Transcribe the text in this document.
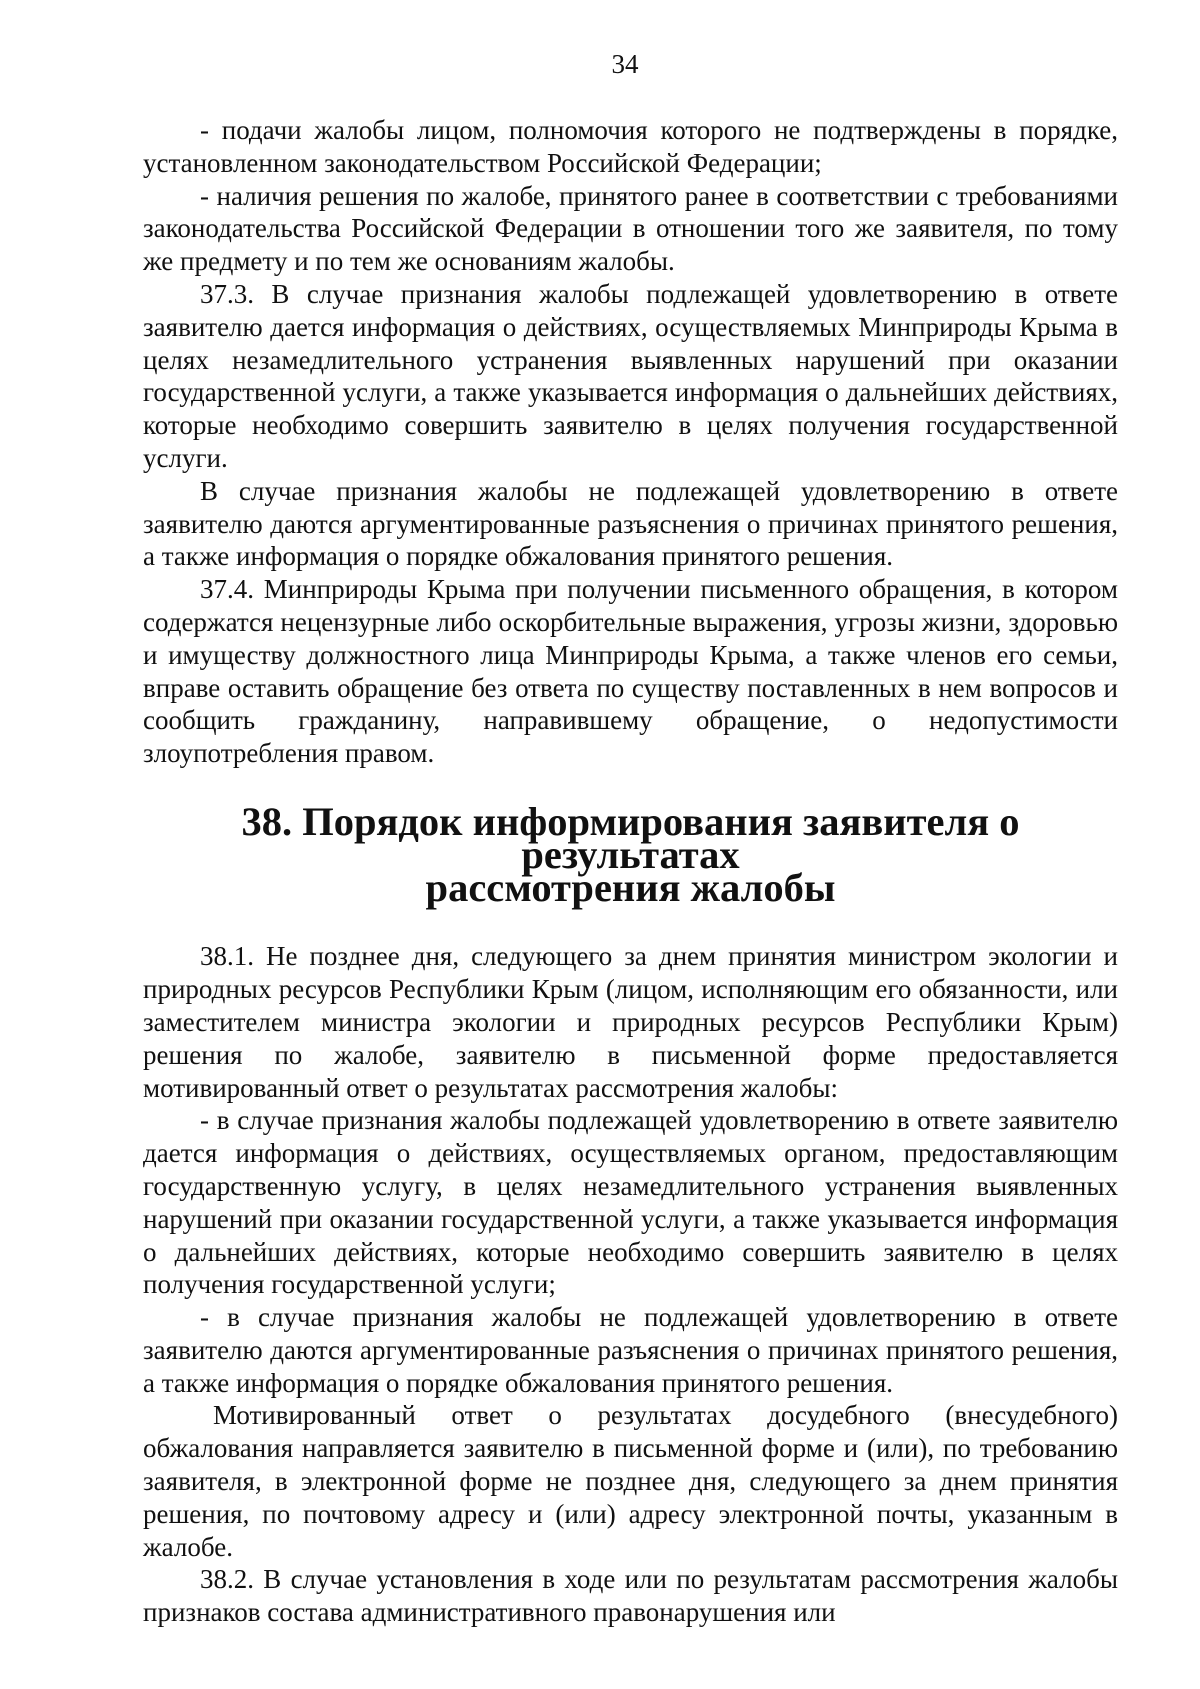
34

- подачи жалобы лицом, полномочия которого не подтверждены в порядке, установленном законодательством Российской Федерации;

- наличия решения по жалобе, принятого ранее в соответствии с требованиями законодательства Российской Федерации в отношении того же заявителя, по тому же предмету и по тем же основаниям жалобы.

37.3. В случае признания жалобы подлежащей удовлетворению в ответе заявителю дается информация о действиях, осуществляемых Минприроды Крыма в целях незамедлительного устранения выявленных нарушений при оказании государственной услуги, а также указывается информация о дальнейших действиях, которые необходимо совершить заявителю в целях получения государственной услуги.

В случае признания жалобы не подлежащей удовлетворению в ответе заявителю даются аргументированные разъяснения о причинах принятого решения, а также информация о порядке обжалования принятого решения.

37.4. Минприроды Крыма при получении письменного обращения, в котором содержатся нецензурные либо оскорбительные выражения, угрозы жизни, здоровью и имуществу должностного лица Минприроды Крыма, а также членов его семьи, вправе оставить обращение без ответа по существу поставленных в нем вопросов и сообщить гражданину, направившему обращение, о недопустимости злоупотребления правом.

38. Порядок информирования заявителя о результатах
рассмотрения жалобы

38.1. Не позднее дня, следующего за днем принятия министром экологии и природных ресурсов Республики Крым (лицом, исполняющим его обязанности, или заместителем министра экологии и природных ресурсов Республики Крым) решения по жалобе, заявителю в письменной форме предоставляется мотивированный ответ о результатах рассмотрения жалобы:

- в случае признания жалобы подлежащей удовлетворению в ответе заявителю дается информация о действиях, осуществляемых органом, предоставляющим государственную услугу, в целях незамедлительного устранения выявленных нарушений при оказании государственной услуги, а также указывается информация о дальнейших действиях, которые необходимо совершить заявителю в целях получения государственной услуги;

- в случае признания жалобы не подлежащей удовлетворению в ответе заявителю даются аргументированные разъяснения о причинах принятого решения, а также информация о порядке обжалования принятого решения.

Мотивированный ответ о результатах досудебного (внесудебного) обжалования направляется заявителю в письменной форме и (или), по требованию заявителя, в электронной форме не позднее дня, следующего за днем принятия решения, по почтовому адресу и (или) адресу электронной почты, указанным в жалобе.

38.2. В случае установления в ходе или по результатам рассмотрения жалобы признаков состава административного правонарушения или
